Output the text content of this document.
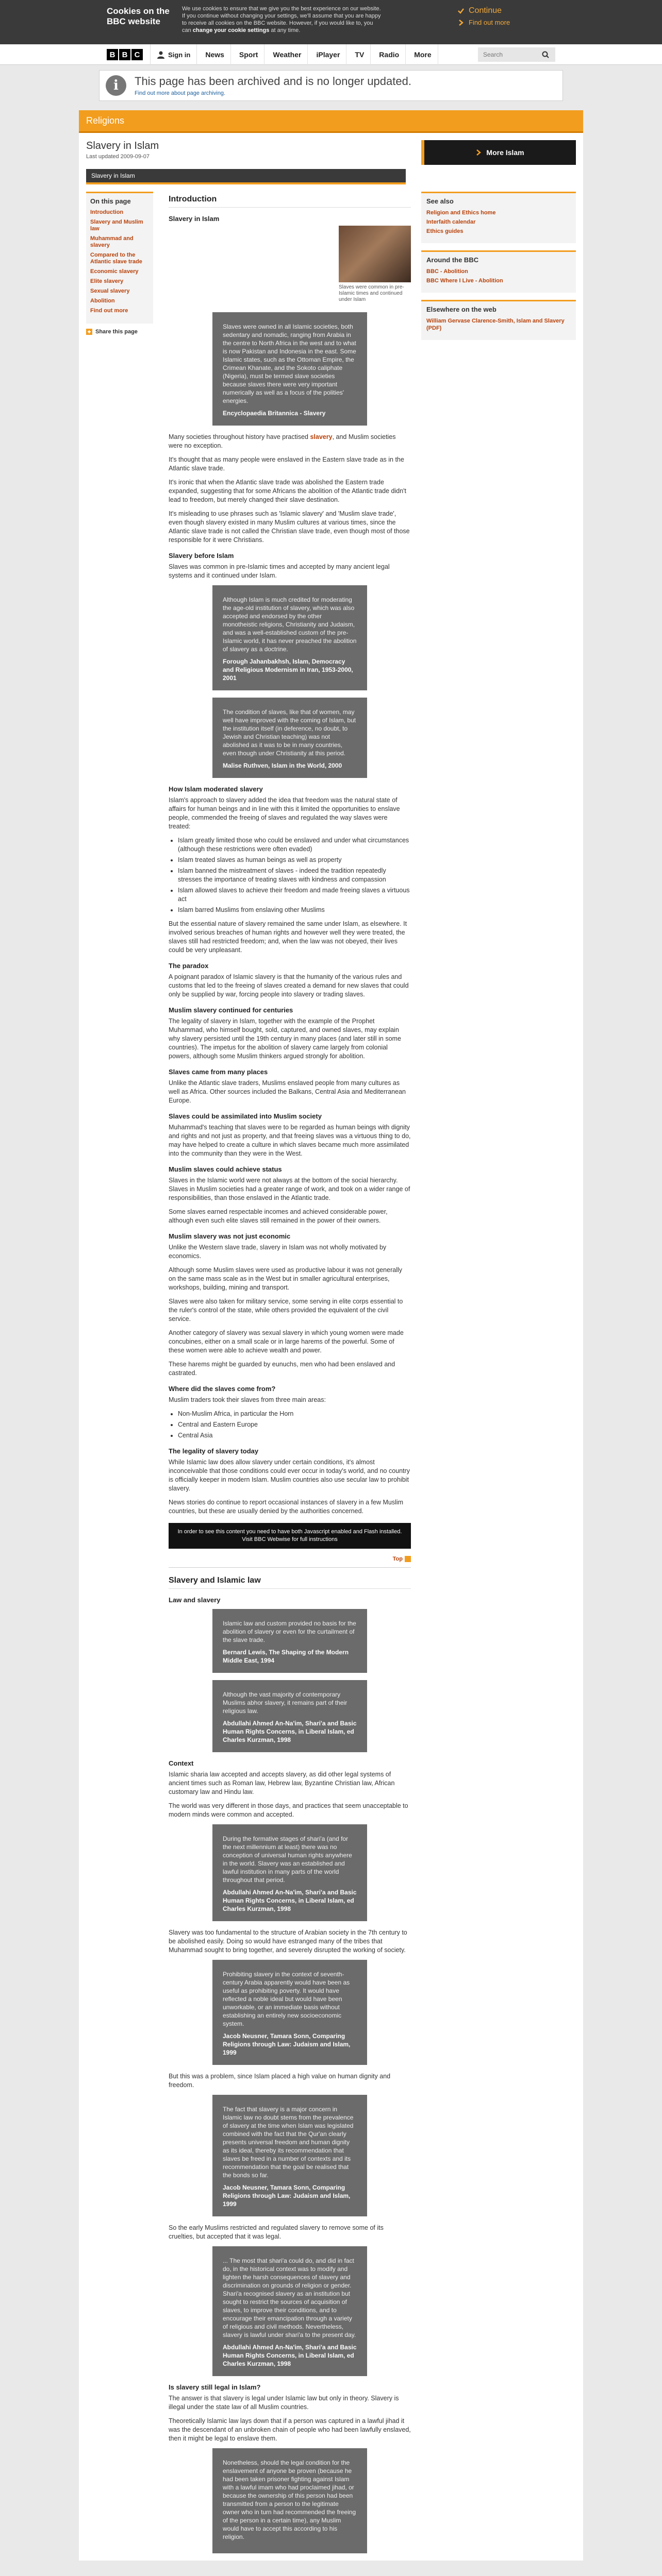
Cookies on the BBC website
We use cookies to ensure that we give you the best experience on our website. If you continue without changing your settings, we'll assume that you are happy to receive all cookies on the BBC website. However, if you would like to, you can change your cookie settings at any time.
Continue
Find out more
B B C	Sign in	News	Sport	Weather	iPlayer	TV	Radio	More
Search
i	This page has been archived and is no longer updated.
Find out more about page archiving.
Religions
Slavery in Islam
Last updated 2009-09-07	More Islam
Slavery in Islam
On this page
Introduction
Slavery and Muslim law
Muhammad and slavery
Compared to the Atlantic slave trade
Economic slavery
Elite slavery
Sexual slavery
Abolition
Find out more
Share this page
Introduction
Slavery in Islam
Slaves were common in pre-Islamic times and continued under Islam
Slaves were owned in all Islamic societies, both sedentary and nomadic, ranging from Arabia in the centre to North Africa in the west and to what is now Pakistan and Indonesia in the east. Some Islamic states, such as the Ottoman Empire, the Crimean Khanate, and the Sokoto caliphate (Nigeria), must be termed slave societies because slaves there were very important numerically as well as a focus of the polities' energies.
Encyclopaedia Britannica - Slavery

Many societies throughout history have practised slavery, and Muslim societies were no exception.

It's thought that as many people were enslaved in the Eastern slave trade as in the Atlantic slave trade.

It's ironic that when the Atlantic slave trade was abolished the Eastern trade expanded, suggesting that for some Africans the abolition of the Atlantic trade didn't lead to freedom, but merely changed their slave destination.

It's misleading to use phrases such as 'Islamic slavery' and 'Muslim slave trade', even though slavery existed in many Muslim cultures at various times, since the Atlantic slave trade is not called the Christian slave trade, even though most of those responsible for it were Christians.

Slavery before Islam

Slaves was common in pre-Islamic times and accepted by many ancient legal systems and it continued under Islam.

Although Islam is much credited for moderating the age-old institution of slavery, which was also accepted and endorsed by the other monotheistic religions, Christianity and Judaism, and was a well-established custom of the pre-Islamic world, it has never preached the abolition of slavery as a doctrine.
Forough Jahanbakhsh, Islam, Democracy and Religious Modernism in Iran, 1953-2000, 2001
The condition of slaves, like that of women, may well have improved with the coming of Islam, but the institution itself (in deference, no doubt, to Jewish and Christian teaching) was not abolished as it was to be in many countries, even though under Christianity at this period.
Malise Ruthven, Islam in the World, 2000
How Islam moderated slavery

Islam's approach to slavery added the idea that freedom was the natural state of affairs for human beings and in line with this it limited the opportunities to enslave people, commended the freeing of slaves and regulated the way slaves were treated:

• Islam greatly limited those who could be enslaved and under what circumstances (although these restrictions were often evaded)
• Islam treated slaves as human beings as well as property
• Islam banned the mistreatment of slaves - indeed the tradition repeatedly stresses the importance of treating slaves with kindness and compassion
• Islam allowed slaves to achieve their freedom and made freeing slaves a virtuous act
• Islam barred Muslims from enslaving other Muslims

But the essential nature of slavery remained the same under Islam, as elsewhere. It involved serious breaches of human rights and however well they were treated, the slaves still had restricted freedom; and, when the law was not obeyed, their lives could be very unpleasant.

The paradox

A poignant paradox of Islamic slavery is that the humanity of the various rules and customs that led to the freeing of slaves created a demand for new slaves that could only be supplied by war, forcing people into slavery or trading slaves.

Muslim slavery continued for centuries

The legality of slavery in Islam, together with the example of the Prophet Muhammad, who himself bought, sold, captured, and owned slaves, may explain why slavery persisted until the 19th century in many places (and later still in some countries). The impetus for the abolition of slavery came largely from colonial powers, although some Muslim thinkers argued strongly for abolition.

Slaves came from many places

Unlike the Atlantic slave traders, Muslims enslaved people from many cultures as well as Africa. Other sources included the Balkans, Central Asia and Mediterranean Europe.

Slaves could be assimilated into Muslim society

Muhammad's teaching that slaves were to be regarded as human beings with dignity and rights and not just as property, and that freeing slaves was a virtuous thing to do, may have helped to create a culture in which slaves became much more assimilated into the community than they were in the West.

Muslim slaves could achieve status

Slaves in the Islamic world were not always at the bottom of the social hierarchy. Slaves in Muslim societies had a greater range of work, and took on a wider range of responsibilities, than those enslaved in the Atlantic trade.

Some slaves earned respectable incomes and achieved considerable power, although even such elite slaves still remained in the power of their owners.

Muslim slavery was not just economic

Unlike the Western slave trade, slavery in Islam was not wholly motivated by economics.

Although some Muslim slaves were used as productive labour it was not generally on the same mass scale as in the West but in smaller agricultural enterprises, workshops, building, mining and transport.

Slaves were also taken for military service, some serving in elite corps essential to the ruler's control of the state, while others provided the equivalent of the civil service.

Another category of slavery was sexual slavery in which young women were made concubines, either on a small scale or in large harems of the powerful. Some of these women were able to achieve wealth and power.

These harems might be guarded by eunuchs, men who had been enslaved and castrated.

Where did the slaves come from?

Muslim traders took their slaves from three main areas:

• Non-Muslim Africa, in particular the Horn
• Central and Eastern Europe
• Central Asia
The legality of slavery today

While Islamic law does allow slavery under certain conditions, it's almost inconceivable that those conditions could ever occur in today's world, and no country is officially keeper in modern Islam. Muslim countries also use secular law to prohibit slavery.

News stories do continue to report occasional instances of slavery in a few Muslim countries, but these are usually denied by the authorities concerned.

In order to see this content you need to have both Javascript enabled and Flash installed. Visit BBC Webwise for full instructions
Top
Slavery and Islamic law
Law and slavery
Islamic law and custom provided no basis for the abolition of slavery or even for the curtailment of the slave trade.
Bernard Lewis, The Shaping of the Modern Middle East, 1994
Although the vast majority of contemporary Muslims abhor slavery, it remains part of their religious law.
Abdullahi Ahmed An-Na'im, Shari'a and Basic Human Rights Concerns, in Liberal Islam, ed Charles Kurzman, 1998
Context

Islamic sharia law accepted and accepts slavery, as did other legal systems of ancient times such as Roman law, Hebrew law, Byzantine Christian law, African customary law and Hindu law.

The world was very different in those days, and practices that seem unacceptable to modern minds were common and accepted.

During the formative stages of shari'a (and for the next millennium at least) there was no conception of universal human rights anywhere in the world. Slavery was an established and lawful institution in many parts of the world throughout that period.
Abdullahi Ahmed An-Na'im, Shari'a and Basic Human Rights Concerns, in Liberal Islam, ed Charles Kurzman, 1998

Slavery was too fundamental to the structure of Arabian society in the 7th century to be abolished easily. Doing so would have estranged many of the tribes that Muhammad sought to bring together, and severely disrupted the working of society.

Prohibiting slavery in the context of seventh-century Arabia apparently would have been as useful as prohibiting poverty. It would have reflected a noble ideal but would have been unworkable, or an immediate basis without establishing an entirely new socioeconomic system.
Jacob Neusner, Tamara Sonn, Comparing Religions through Law: Judaism and Islam, 1999

But this was a problem, since Islam placed a high value on human dignity and freedom.

The fact that slavery is a major concern in Islamic law no doubt stems from the prevalence of slavery at the time when Islam was legislated combined with the fact that the Qur'an clearly presents universal freedom and human dignity as its ideal, thereby its recommendation that slaves be freed in a number of contexts and its recommendation that the goal be realised that the bonds so far.
Jacob Neusner, Tamara Sonn, Comparing Religions through Law: Judaism and Islam, 1999

So the early Muslims restricted and regulated slavery to remove some of its cruelties, but accepted that it was legal.

... The most that shari'a could do, and did in fact do, in the historical context was to modify and lighten the harsh consequences of slavery and discrimination on grounds of religion or gender. Shari'a recognised slavery as an institution but sought to restrict the sources of acquisition of slaves, to improve their conditions, and to encourage their emancipation through a variety of religious and civil methods. Nevertheless, slavery is lawful under shari'a to the present day.
Abdullahi Ahmed An-Na'im, Shari'a and Basic Human Rights Concerns, in Liberal Islam, ed Charles Kurzman, 1998
Is slavery still legal in Islam?

The answer is that slavery is legal under Islamic law but only in theory. Slavery is illegal under the state law of all Muslim countries.

Theoretically Islamic law lays down that if a person was captured in a lawful jihad it was the descendant of an unbroken chain of people who had been lawfully enslaved, then it might be legal to enslave them.

Nonetheless, should the legal condition for the enslavement of anyone be proven (because he had been taken prisoner fighting against Islam with a lawful imam who had proclaimed jihad, or because the ownership of this person had been transmitted from a person to the legitimate owner who in turn had recommended the freeing of the person in a certain time), any Muslim would have to accept this according to his religion.
See also
Religion and Ethics home
Interfaith calendar
Ethics guides
Around the BBC
BBC - Abolition
BBC Where I Live - Abolition
Elsewhere on the web
William Gervase Clarence-Smith, Islam and Slavery (PDF)
